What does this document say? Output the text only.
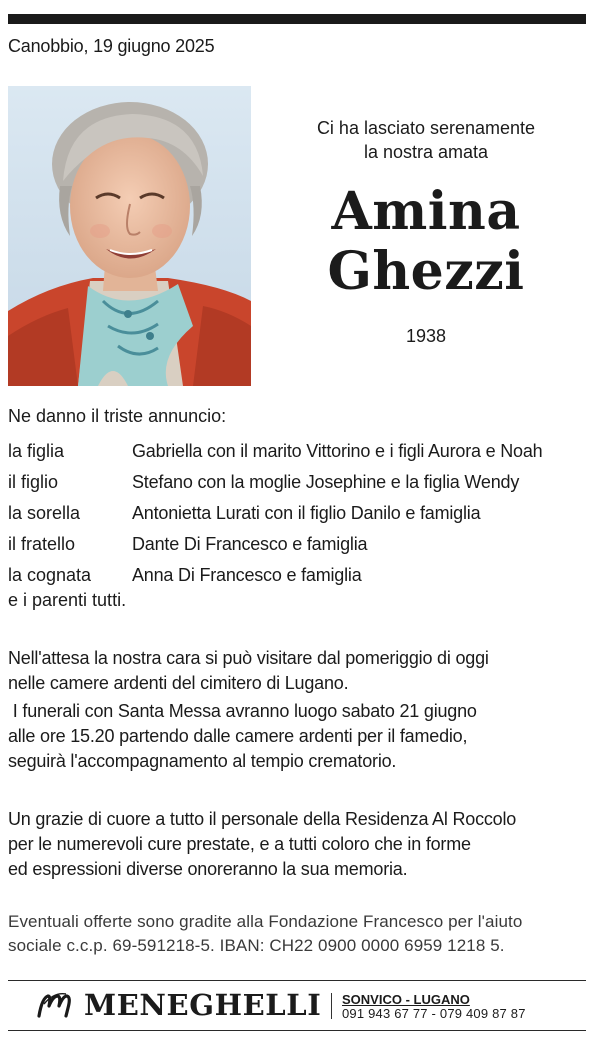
Canobbio, 19 giugno 2025
Ci ha lasciato serenamente
la nostra amata
Amina
Ghezzi
1938
Ne danno il triste annuncio:
la figlia	Gabriella con il marito Vittorino e i figli Aurora e Noah
il figlio	Stefano con la moglie Josephine e la figlia Wendy
la sorella	Antonietta Lurati con il figlio Danilo e famiglia
il fratello	Dante Di Francesco e famiglia
la cognata	Anna Di Francesco e famiglia
e i parenti tutti.
Nell'attesa la nostra cara si può visitare dal pomeriggio di oggi
nelle camere ardenti del cimitero di Lugano.
I funerali con Santa Messa avranno luogo sabato 21 giugno
alle ore 15.20 partendo dalle camere ardenti per il famedio,
seguirà l'accompagnamento al tempio crematorio.
Un grazie di cuore a tutto il personale della Residenza Al Roccolo
per le numerevoli cure prestate, e a tutti coloro che in forme
ed espressioni diverse onoreranno la sua memoria.
Eventuali offerte sono gradite alla Fondazione Francesco per l'aiuto
sociale c.c.p. 69-591218-5. IBAN: CH22 0900 0000 6959 1218 5.
MENEGHELLI SONVICO - LUGANO
091 943 67 77 - 079 409 87 87
